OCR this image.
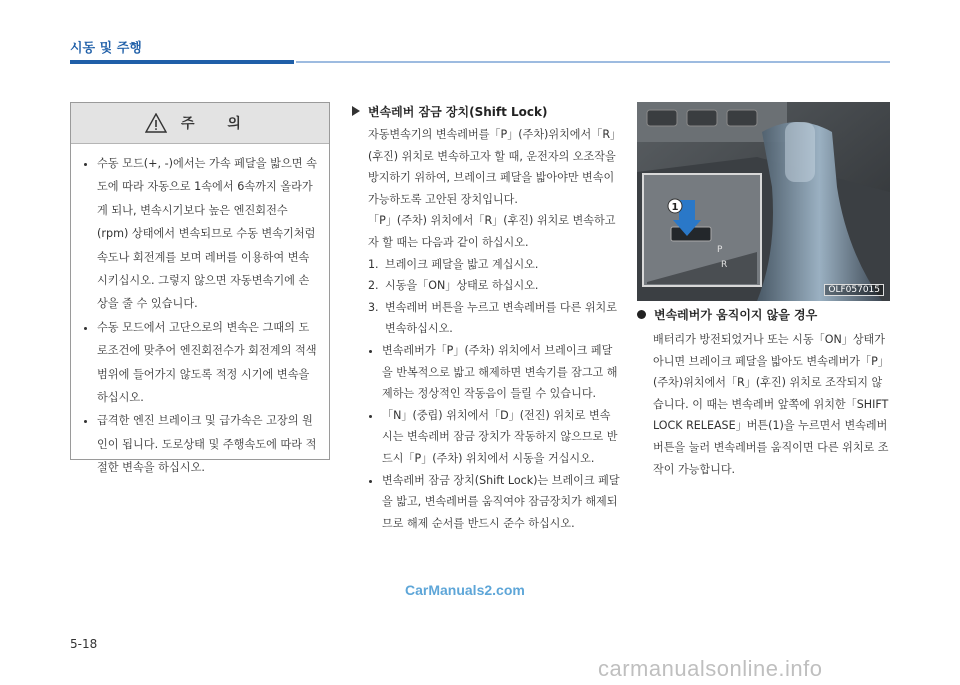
시동 및 주행
주 의
• 수동 모드(+, -)에서는 가속 페달을 밟으면 속도에 따라 자동으로 1속에서 6속까지 올라가게 되나, 변속시기보다 높은 엔진회전수(rpm) 상태에서 변속되므로 수동 변속기처럼 속도나 회전계를 보며 레버를 이용하여 변속시키십시오. 그렇지 않으면 자동변속기에 손상을 줄 수 있습니다.
• 수동 모드에서 고단으로의 변속은 그때의 도로조건에 맞추어 엔진회전수가 회전계의 적색범위에 들어가지 않도록 적정 시기에 변속을 하십시오.
• 급격한 엔진 브레이크 및 급가속은 고장의 원인이 됩니다. 도로상태 및 주행속도에 따라 적절한 변속을 하십시오.
변속레버 잠금 장치(Shift Lock)

자동변속기의 변속레버를「P」(주차)위치에서「R」(후진) 위치로 변속하고자 할 때, 운전자의 오조작을 방지하기 위하여, 브레이크 페달을 밟아야만 변속이 가능하도록 고안된 장치입니다.

「P」(주차) 위치에서「R」(후진) 위치로 변속하고자 할 때는 다음과 같이 하십시오.

1. 브레이크 페달을 밟고 계십시오.
2. 시동을「ON」상태로 하십시오.
3. 변속레버 버튼을 누르고 변속레버를 다른 위치로 변속하십시오.
• 변속레버가「P」(주차) 위치에서 브레이크 페달을 반복적으로 밟고 해제하면 변속기를 잠그고 해제하는 정상적인 작동음이 들릴 수 있습니다.
• 「N」(중립) 위치에서「D」(전진) 위치로 변속 시는 변속레버 잠금 장치가 작동하지 않으므로 반드시「P」(주차) 위치에서 시동을 거십시오.
• 변속레버 잠금 장치(Shift Lock)는 브레이크 페달을 밟고, 변속레버를 움직여야 잠금장치가 해제되므로 해제 순서를 반드시 준수 하십시오.
1
P
R
OLF057015
변속레버가 움직이지 않을 경우

배터리가 방전되었거나 또는 시동「ON」상태가 아니면 브레이크 페달을 밟아도 변속레버가「P」(주차)위치에서「R」(후진) 위치로 조작되지 않습니다. 이 때는 변속레버 앞쪽에 위치한「SHIFT LOCK RELEASE」버튼(1)을 누르면서 변속레버 버튼을 눌러 변속레버를 움직이면 다른 위치로 조작이 가능합니다.

CarManuals2.com
5-18
carmanualsonline.info
